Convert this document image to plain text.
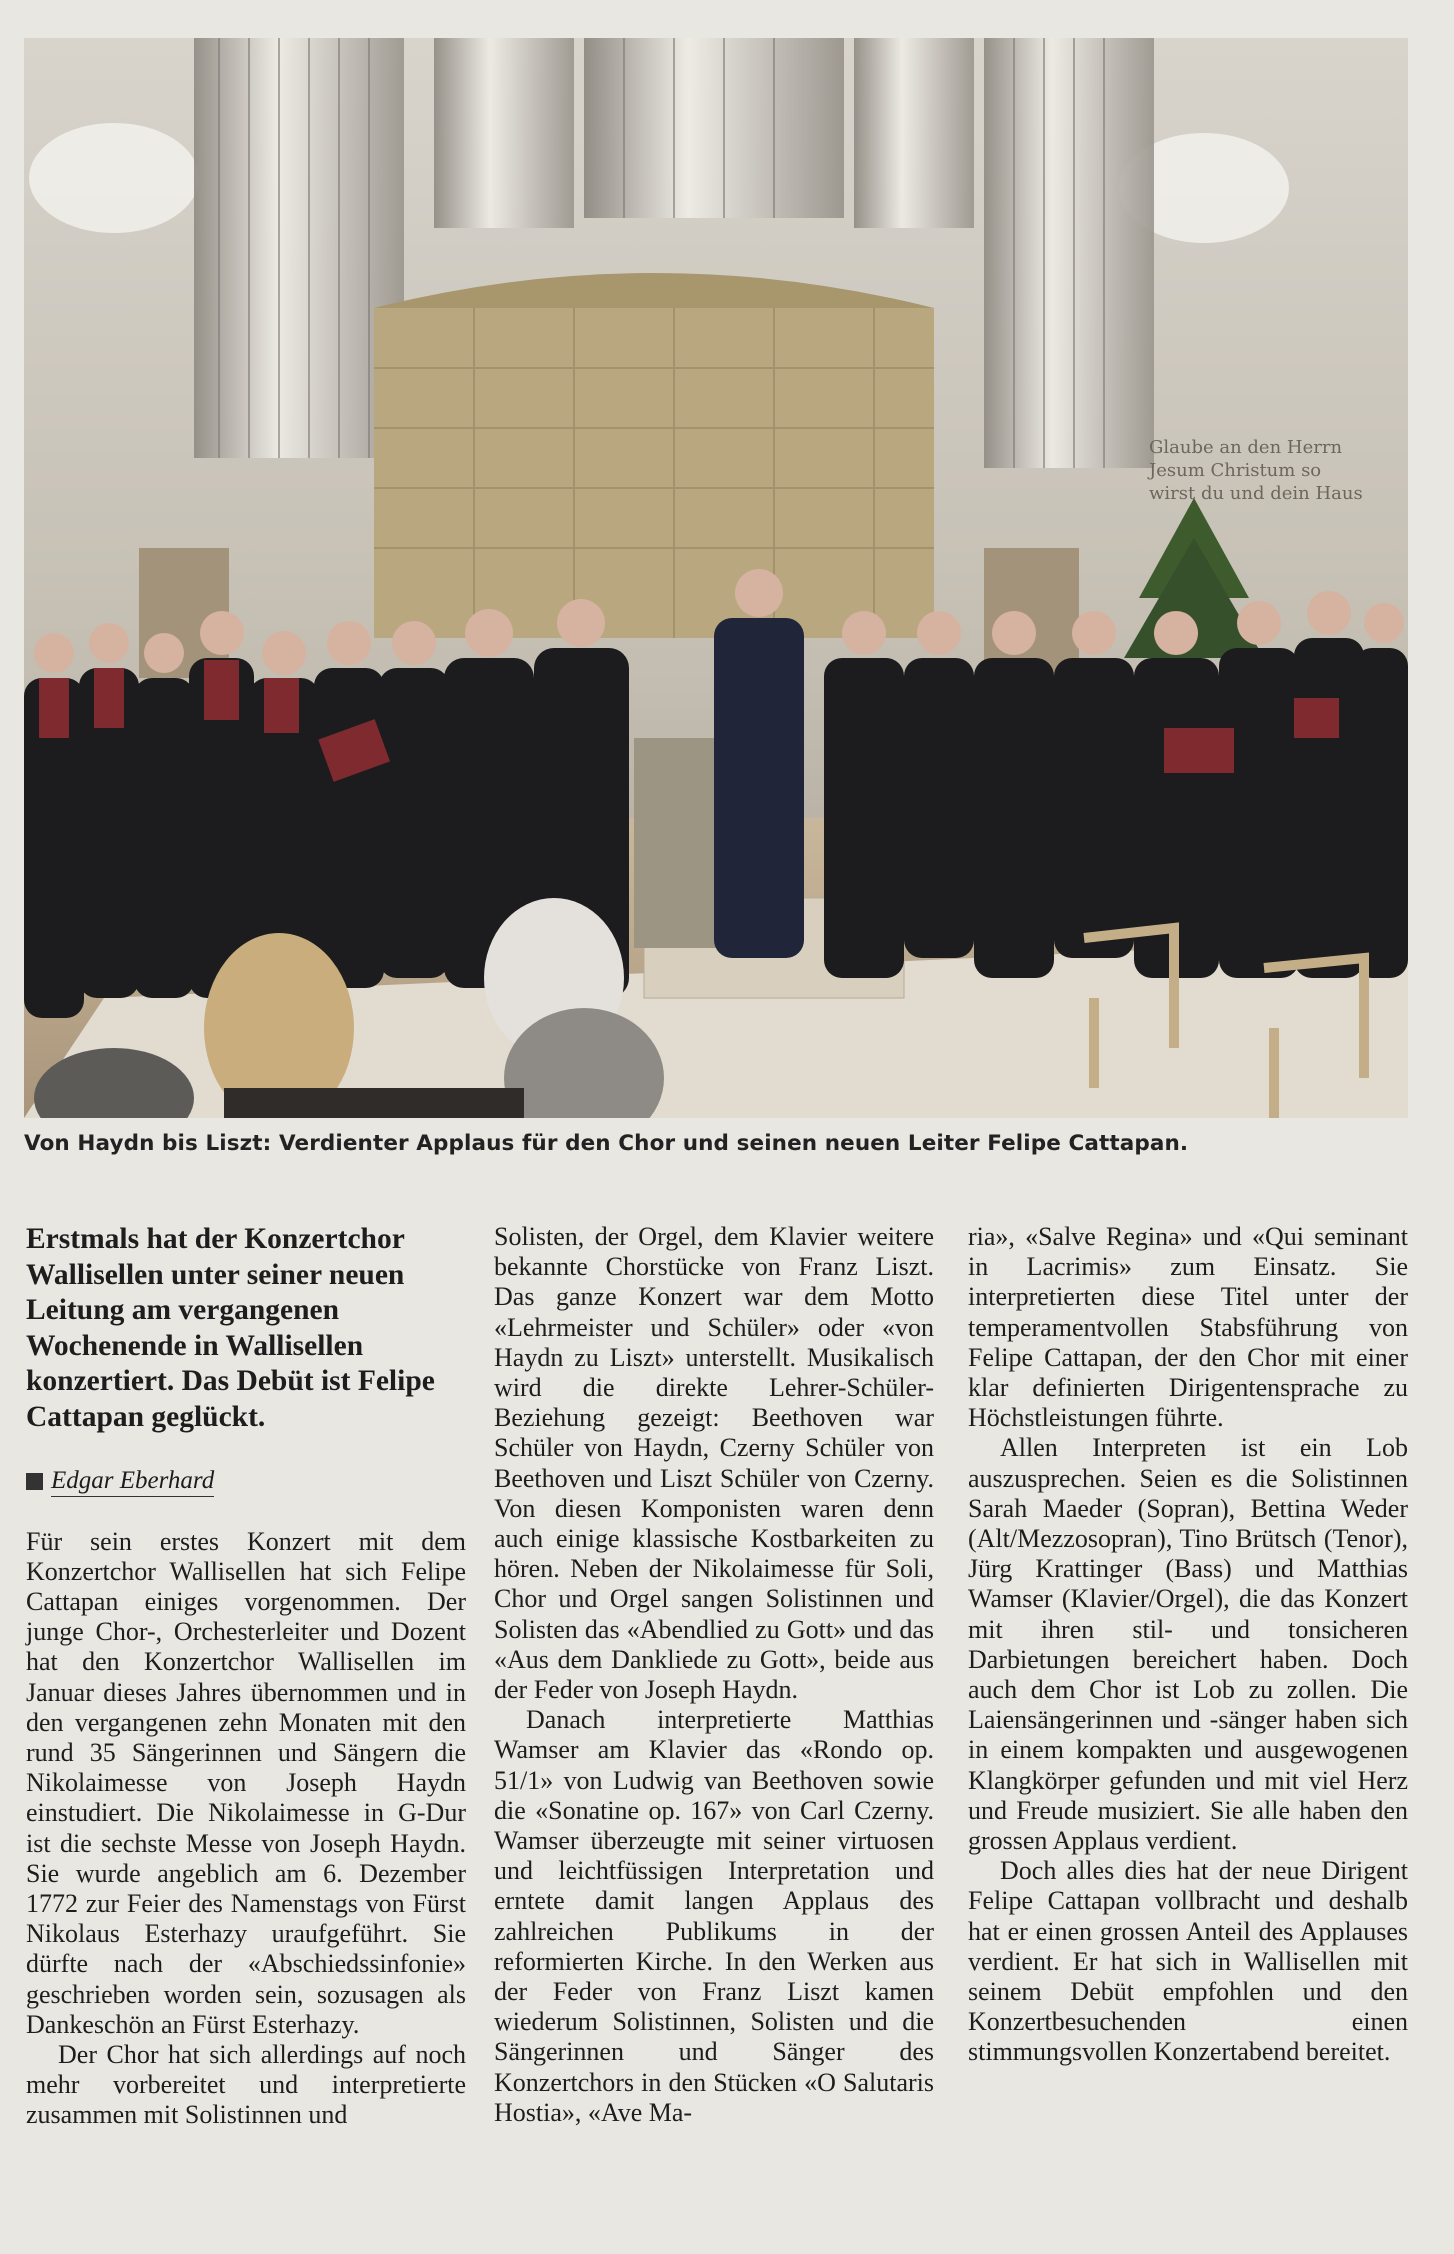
Glaube an den Herrn
Jesum Christum so
wirst du und dein Haus
Von Haydn bis Liszt: Verdienter Applaus für den Chor und seinen neuen Leiter Felipe Cattapan.

Erstmals hat der Konzertchor Wallisellen unter seiner neuen Leitung am vergangenen Wochenende in Wallisellen konzertiert. Das Debüt ist Felipe Cattapan geglückt.
Edgar Eberhard

Für sein erstes Konzert mit dem Konzertchor Wallisellen hat sich Felipe Cattapan einiges vorgenommen. Der junge Chor-, Orchesterleiter und Dozent hat den Konzertchor Wallisellen im Januar dieses Jahres übernommen und in den vergangenen zehn Monaten mit den rund 35 Sängerinnen und Sängern die Nikolaimesse von Joseph Haydn einstudiert. Die Nikolaimesse in G-Dur ist die sechste Messe von Joseph Haydn. Sie wurde angeblich am 6. Dezember 1772 zur Feier des Namenstags von Fürst Nikolaus Esterhazy uraufgeführt. Sie dürfte nach der «Abschiedssinfonie» geschrieben worden sein, sozusagen als Dankeschön an Fürst Esterhazy.

Der Chor hat sich allerdings auf noch mehr vorbereitet und interpretierte zusammen mit Solistinnen und

Solisten, der Orgel, dem Klavier weitere bekannte Chorstücke von Franz Liszt. Das ganze Konzert war dem Motto «Lehrmeister und Schüler» oder «von Haydn zu Liszt» unterstellt. Musikalisch wird die direkte Lehrer-Schüler-Beziehung gezeigt: Beethoven war Schüler von Haydn, Czerny Schüler von Beethoven und Liszt Schüler von Czerny. Von diesen Komponisten waren denn auch einige klassische Kostbarkeiten zu hören. Neben der Nikolaimesse für Soli, Chor und Orgel sangen Solistinnen und Solisten das «Abendlied zu Gott» und das «Aus dem Dankliede zu Gott», beide aus der Feder von Joseph Haydn.

Danach interpretierte Matthias Wamser am Klavier das «Rondo op. 51/1» von Ludwig van Beethoven sowie die «Sonatine op. 167» von Carl Czerny. Wamser überzeugte mit seiner virtuosen und leichtfüssigen Interpretation und erntete damit langen Applaus des zahlreichen Publikums in der reformierten Kirche. In den Werken aus der Feder von Franz Liszt kamen wiederum Solistinnen, Solisten und die Sängerinnen und Sänger des Konzertchors in den Stücken «O Salutaris Hostia», «Ave Ma-

ria», «Salve Regina» und «Qui seminant in Lacrimis» zum Einsatz. Sie interpretierten diese Titel unter der temperamentvollen Stabsführung von Felipe Cattapan, der den Chor mit einer klar definierten Dirigentensprache zu Höchstleistungen führte.

Allen Interpreten ist ein Lob auszusprechen. Seien es die Solistinnen Sarah Maeder (Sopran), Bettina Weder (Alt/Mezzosopran), Tino Brütsch (Tenor), Jürg Krattinger (Bass) und Matthias Wamser (Klavier/Orgel), die das Konzert mit ihren stil- und tonsicheren Darbietungen bereichert haben. Doch auch dem Chor ist Lob zu zollen. Die Laiensängerinnen und -sänger haben sich in einem kompakten und ausgewogenen Klangkörper gefunden und mit viel Herz und Freude musiziert. Sie alle haben den grossen Applaus verdient.

Doch alles dies hat der neue Dirigent Felipe Cattapan vollbracht und deshalb hat er einen grossen Anteil des Applauses verdient. Er hat sich in Wallisellen mit seinem Debüt empfohlen und den Konzertbesuchenden einen stimmungsvollen Konzertabend bereitet.
